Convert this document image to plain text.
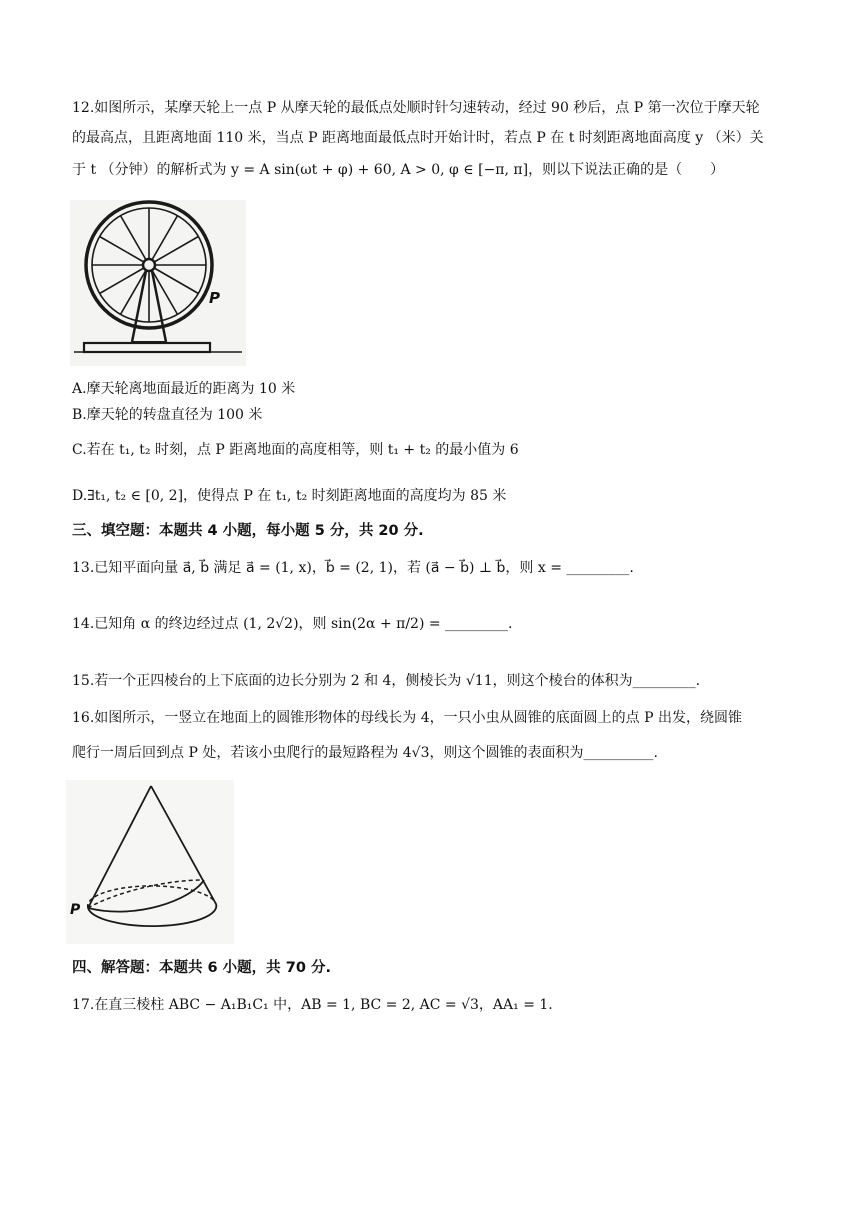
12.如图所示，某摩天轮上一点 P 从摩天轮的最低点处顺时针匀速转动，经过 90 秒后，点 P 第一次位于摩天轮
的最高点，且距离地面 110 米，当点 P 距离地面最低点时开始计时，若点 P 在 t 时刻距离地面高度 y （米）关
于 t （分钟）的解析式为 y = A sin(ωt + φ) + 60, A > 0, φ ∈ [−π, π]，则以下说法正确的是（　　）
P
A.摩天轮离地面最近的距离为 10 米
B.摩天轮的转盘直径为 100 米
C.若在 t₁, t₂ 时刻，点 P 距离地面的高度相等，则 t₁ + t₂ 的最小值为 6
D.∃t₁, t₂ ∈ [0, 2]，使得点 P 在 t₁, t₂ 时刻距离地面的高度均为 85 米
三、填空题：本题共 4 小题，每小题 5 分，共 20 分.
13.已知平面向量 a⃗, b⃗ 满足 a⃗ = (1, x)，b⃗ = (2, 1)，若 (a⃗ − b⃗) ⊥ b⃗，则 x = _________.
14.已知角 α 的终边经过点 (1, 2√2)，则 sin(2α + π/2) = _________.
15.若一个正四棱台的上下底面的边长分别为 2 和 4，侧棱长为 √11，则这个棱台的体积为_________.
16.如图所示，一竖立在地面上的圆锥形物体的母线长为 4，一只小虫从圆锥的底面圆上的点 P 出发，绕圆锥
爬行一周后回到点 P 处，若该小虫爬行的最短路程为 4√3，则这个圆锥的表面积为__________.
P
四、解答题：本题共 6 小题，共 70 分.
17.在直三棱柱 ABC − A₁B₁C₁ 中，AB = 1, BC = 2, AC = √3，AA₁ = 1.
